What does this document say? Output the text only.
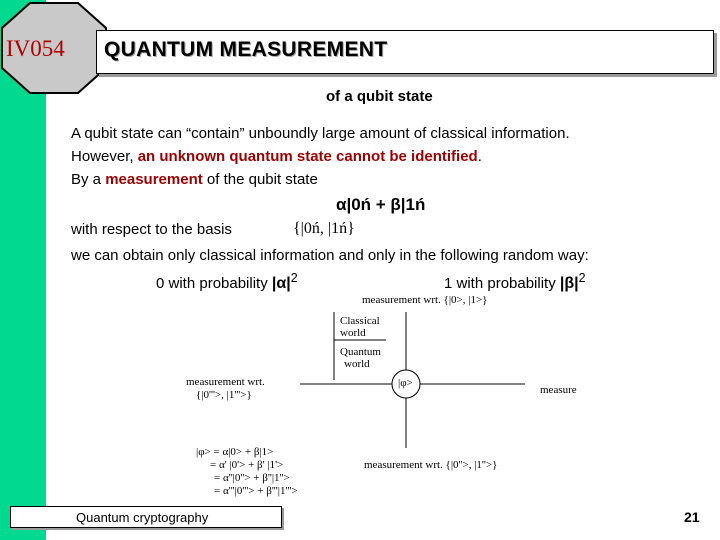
IV054 QUANTUM MEASUREMENT
of a qubit state
A qubit state can “contain” unboundly large amount of classical information.
However, an unknown quantum state cannot be identified.
By a measurement of the qubit state
α|0ń + β|1ń
with respect to the basis	{|0ń, |1ń}
we can obtain only classical information and only in the following random way:
0 with probability $|\alpha|^2$	1 with probability $|\beta|^2$
measurement wrt. {|0>, |1>}
Classical
world
Quantum
world
measurement wrt.
{|0'''>, |1'''>}
|φ>
measure
|φ> = α|0> + β|1>
= α' |0'> + β' |1'>
= α''|0''> + β''|1''>
= α'''|0'''> + β'''|1'''>
measurement wrt. {|0''>, |1''>}
Quantum cryptography	21
